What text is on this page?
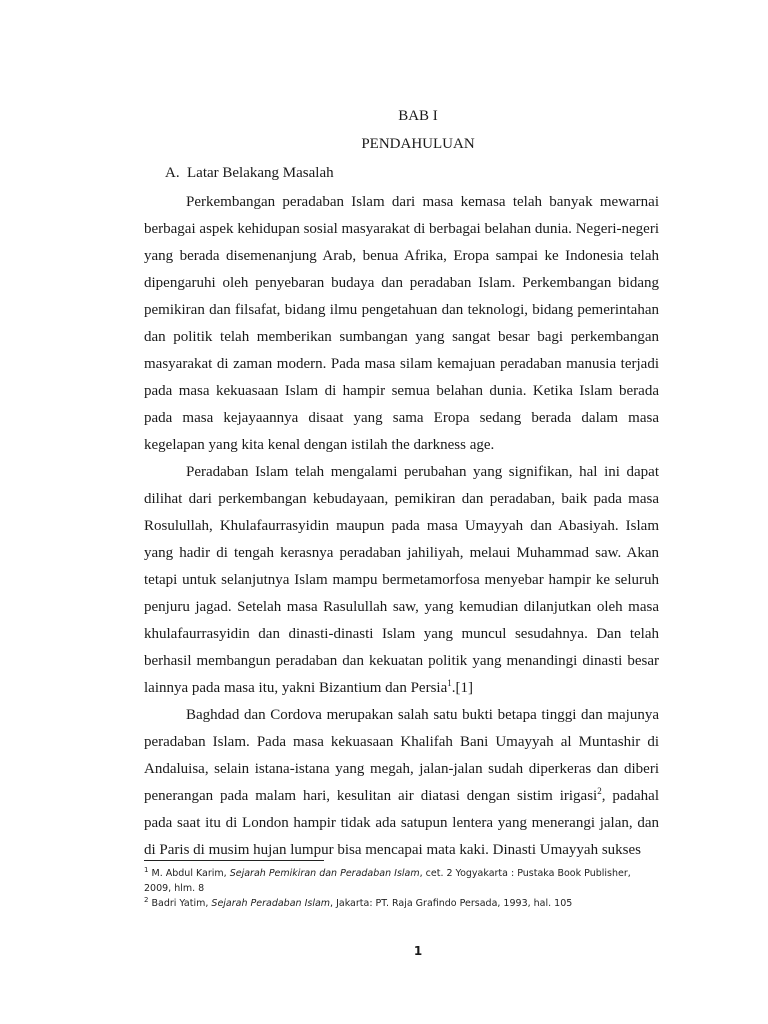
BAB I
PENDAHULUAN
A. Latar Belakang Masalah

Perkembangan peradaban Islam dari masa kemasa telah banyak mewarnai berbagai aspek kehidupan sosial masyarakat di berbagai belahan dunia. Negeri-negeri yang berada disemenanjung Arab, benua Afrika, Eropa sampai ke Indonesia telah dipengaruhi oleh penyebaran budaya dan peradaban Islam. Perkembangan bidang pemikiran dan filsafat, bidang ilmu pengetahuan dan teknologi, bidang pemerintahan dan politik telah memberikan sumbangan yang sangat besar bagi perkembangan masyarakat di zaman modern. Pada masa silam kemajuan peradaban manusia terjadi pada masa kekuasaan Islam di hampir semua belahan dunia. Ketika Islam berada pada masa kejayaannya disaat yang sama Eropa sedang berada dalam masa kegelapan yang kita kenal dengan istilah the darkness age.

Peradaban Islam telah mengalami perubahan yang signifikan, hal ini dapat dilihat dari perkembangan kebudayaan, pemikiran dan peradaban, baik pada masa Rosulullah, Khulafaurrasyidin maupun pada masa Umayyah dan Abasiyah. Islam yang hadir di tengah kerasnya peradaban jahiliyah, melaui Muhammad saw. Akan tetapi untuk selanjutnya Islam mampu bermetamorfosa menyebar hampir ke seluruh penjuru jagad. Setelah masa Rasulullah saw, yang kemudian dilanjutkan oleh masa khulafaurrasyidin dan dinasti-dinasti Islam yang muncul sesudahnya. Dan telah berhasil membangun peradaban dan kekuatan politik yang menandingi dinasti besar lainnya pada masa itu, yakni Bizantium dan Persia$^1$.[1]

Baghdad dan Cordova merupakan salah satu bukti betapa tinggi dan majunya peradaban Islam. Pada masa kekuasaan Khalifah Bani Umayyah al Muntashir di Andaluisa, selain istana-istana yang megah, jalan-jalan sudah diperkeras dan diberi penerangan pada malam hari, kesulitan air diatasi dengan sistim irigasi$^2$, padahal pada saat itu di London hampir tidak ada satupun lentera yang menerangi jalan, dan di Paris di musim hujan lumpur bisa mencapai mata kaki. Dinasti Umayyah sukses

$^1$ M. Abdul Karim, Sejarah Pemikiran dan Peradaban Islam, cet. 2 Yogyakarta : Pustaka Book Publisher, 2009, hlm. 8

$^2$ Badri Yatim, Sejarah Peradaban Islam, Jakarta: PT. Raja Grafindo Persada, 1993, hal. 105

1
